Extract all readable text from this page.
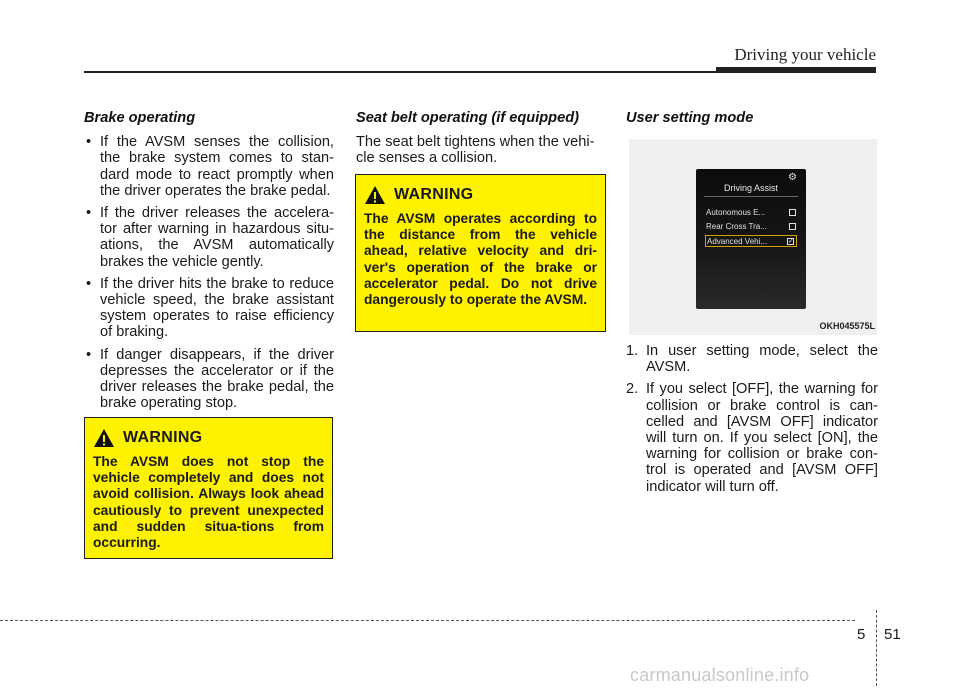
Driving your vehicle
Brake operating
• If the AVSM senses the collision, the brake system comes to stan-dard mode to react promptly when the driver operates the brake pedal.
• If the driver releases the accelera-tor after warning in hazardous situ-ations, the AVSM automatically brakes the vehicle gently.
• If the driver hits the brake to reduce vehicle speed, the brake assistant system operates to raise efficiency of braking.
• If danger disappears, if the driver depresses the accelerator or if the driver releases the brake pedal, the brake operating stop.
WARNING
The AVSM does not stop the vehicle completely and does not avoid collision. Always look ahead cautiously to prevent unexpected and sudden situa-tions from occurring.
Seat belt operating (if equipped)

The seat belt tightens when the vehi-cle senses a collision.

WARNING
The AVSM operates according to the distance from the vehicle ahead, relative velocity and dri-ver's operation of the brake or accelerator pedal. Do not drive dangerously to operate the AVSM.
User setting mode
⚙
Driving Assist
Autonomous E...
Rear Cross Tra...
Advanced Vehi...	✓
OKH045575L
1. In user setting mode, select the AVSM.
2. If you select [OFF], the warning for collision or brake control is can-celled and [AVSM OFF] indicator will turn on. If you select [ON], the warning for collision or brake con-trol is operated and [AVSM OFF] indicator will turn off.
5 51
carmanualsonline.info
